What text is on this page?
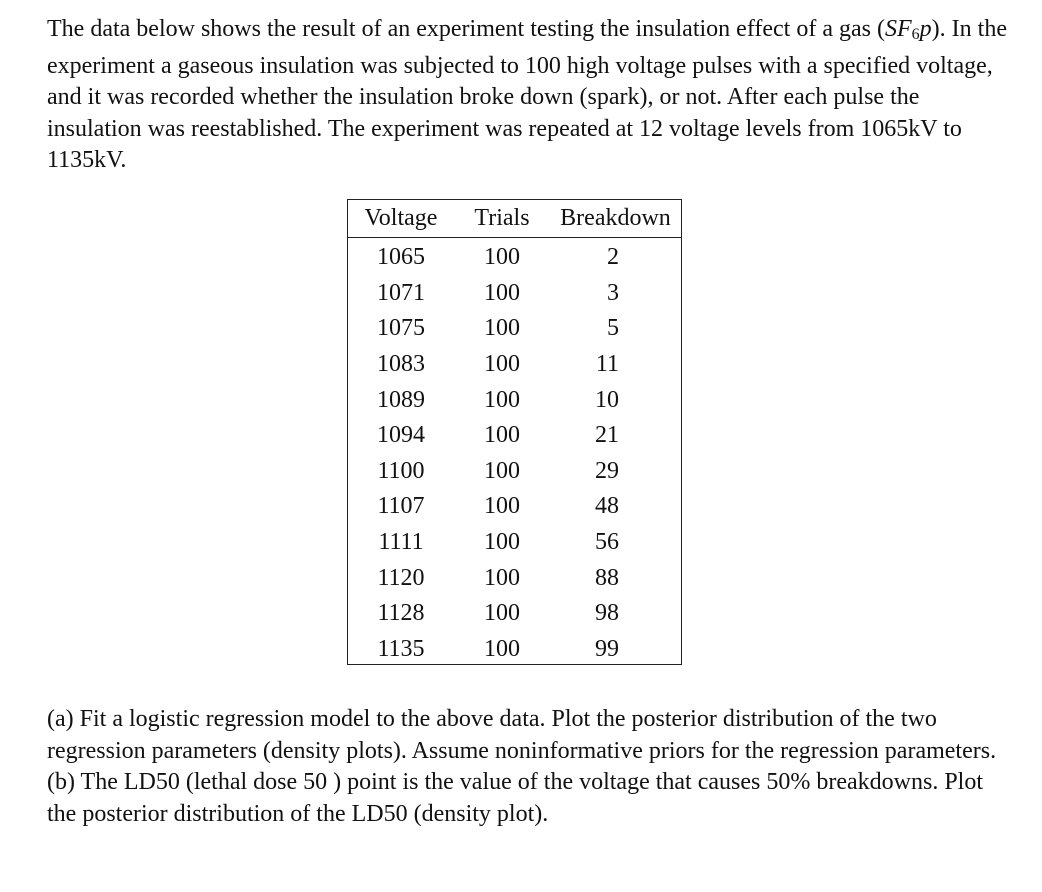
The data below shows the result of an experiment testing the insulation effect of a gas (SF6p). In the experiment a gaseous insulation was subjected to 100 high voltage pulses with a specified voltage, and it was recorded whether the insulation broke down (spark), or not. After each pulse the insulation was reestablished. The experiment was repeated at 12 voltage levels from 1065kV to 1135kV.

Voltage	Trials	Breakdown
1065	100	2
1071	100	3
1075	100	5
1083	100	11
1089	100	10
1094	100	21
1100	100	29
1107	100	48
1111	100	56
1120	100	88
1128	100	98
1135	100	99

(a) Fit a logistic regression model to the above data. Plot the posterior distribution of the two regression parameters (density plots). Assume noninformative priors for the regression parameters.

(b) The LD50 (lethal dose 50 ) point is the value of the voltage that causes 50% breakdowns. Plot the posterior distribution of the LD50 (density plot).
